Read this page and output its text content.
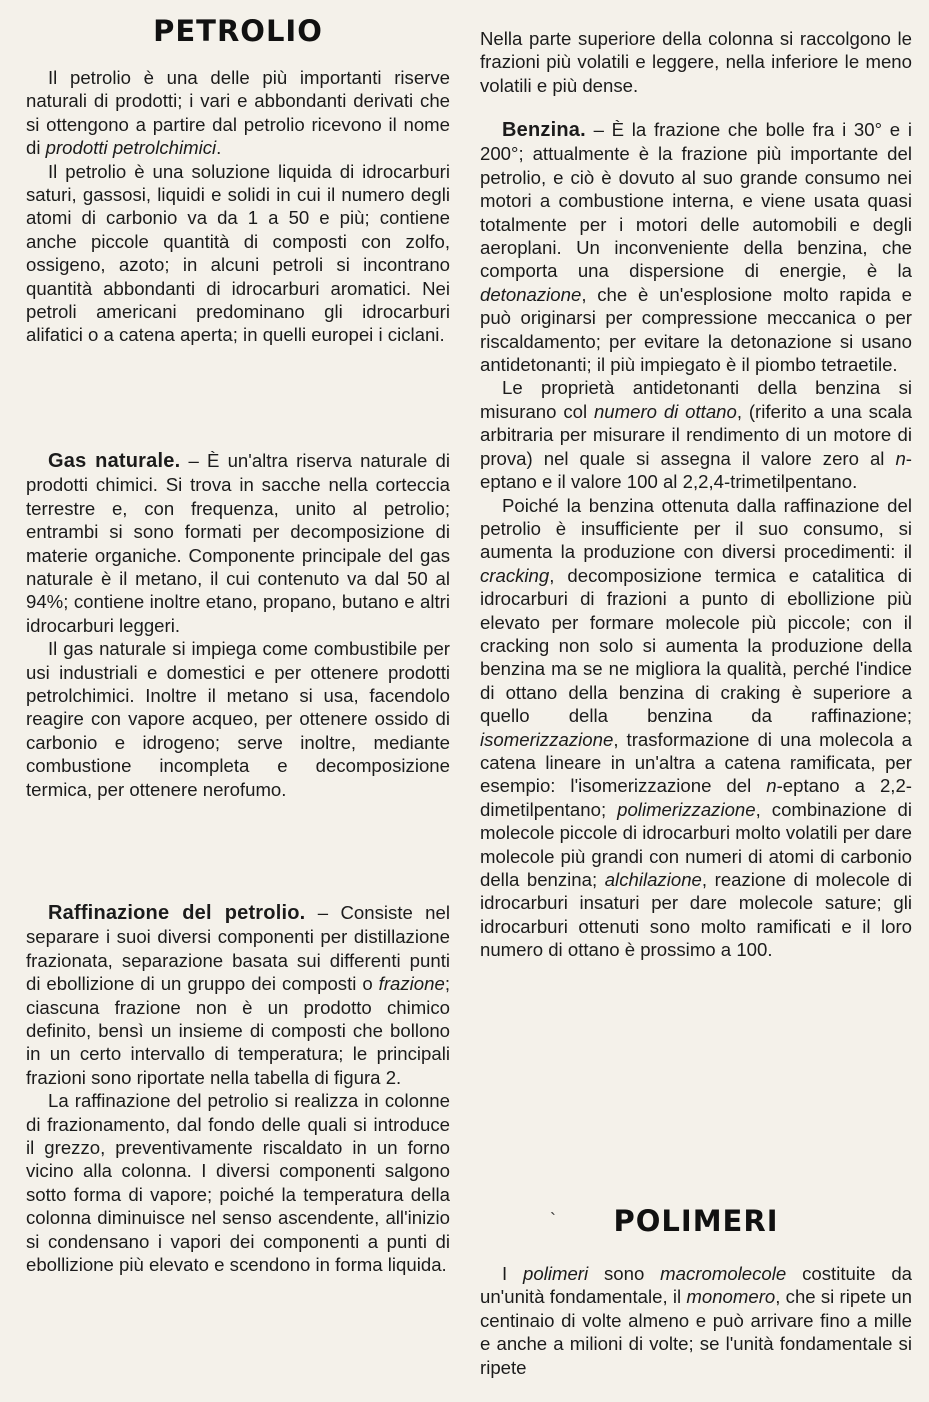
PETROLIO

Il petrolio è una delle più importanti riserve naturali di prodotti; i vari e abbondanti derivati che si ottengono a partire dal petrolio ricevono il nome di prodotti petrolchimici.

Il petrolio è una soluzione liquida di idrocarburi saturi, gassosi, liquidi e solidi in cui il numero degli atomi di carbonio va da 1 a 50 e più; contiene anche piccole quantità di composti con zolfo, ossigeno, azoto; in alcuni petroli si incontrano quantità abbondanti di idrocarburi aromatici. Nei petroli americani predominano gli idrocarburi alifatici o a catena aperta; in quelli europei i ciclani.

Gas naturale. – È un'altra riserva naturale di prodotti chimici. Si trova in sacche nella corteccia terrestre e, con frequenza, unito al petrolio; entrambi si sono formati per decomposizione di materie organiche. Componente principale del gas naturale è il metano, il cui contenuto va dal 50 al 94%; contiene inoltre etano, propano, butano e altri idrocarburi leggeri.

Il gas naturale si impiega come combustibile per usi industriali e domestici e per ottenere prodotti petrolchimici. Inoltre il metano si usa, facendolo reagire con vapore acqueo, per ottenere ossido di carbonio e idrogeno; serve inoltre, mediante combustione incompleta e decomposizione termica, per ottenere nerofumo.

Raffinazione del petrolio. – Consiste nel separare i suoi diversi componenti per distillazione frazionata, separazione basata sui differenti punti di ebollizione di un gruppo dei composti o frazione; ciascuna frazione non è un prodotto chimico definito, bensì un insieme di composti che bollono in un certo intervallo di temperatura; le principali frazioni sono riportate nella tabella di figura 2.

La raffinazione del petrolio si realizza in colonne di frazionamento, dal fondo delle quali si introduce il grezzo, preventivamente riscaldato in un forno vicino alla colonna. I diversi componenti salgono sotto forma di vapore; poiché la temperatura della colonna diminuisce nel senso ascendente, all'inizio si condensano i vapori dei componenti a punti di ebollizione più elevato e scendono in forma liquida.

Nella parte superiore della colonna si raccolgono le frazioni più volatili e leggere, nella inferiore le meno volatili e più dense.

Benzina. – È la frazione che bolle fra i 30° e i 200°; attualmente è la frazione più importante del petrolio, e ciò è dovuto al suo grande consumo nei motori a combustione interna, e viene usata quasi totalmente per i motori delle automobili e degli aeroplani. Un inconveniente della benzina, che comporta una dispersione di energie, è la detonazione, che è un'esplosione molto rapida e può originarsi per compressione meccanica o per riscaldamento; per evitare la detonazione si usano antidetonanti; il più impiegato è il piombo tetraetile.

Le proprietà antidetonanti della benzina si misurano col numero di ottano, (riferito a una scala arbitraria per misurare il rendimento di un motore di prova) nel quale si assegna il valore zero al n-eptano e il valore 100 al 2,2,4-trimetilpentano.

Poiché la benzina ottenuta dalla raffinazione del petrolio è insufficiente per il suo consumo, si aumenta la produzione con diversi procedimenti: il cracking, decomposizione termica e catalitica di idrocarburi di frazioni a punto di ebollizione più elevato per formare molecole più piccole; con il cracking non solo si aumenta la produzione della benzina ma se ne migliora la qualità, perché l'indice di ottano della benzina di craking è superiore a quello della benzina da raffinazione; isomerizzazione, trasformazione di una molecola a catena lineare in un'altra a catena ramificata, per esempio: l'isomerizzazione del n-eptano a 2,2-dimetilpentano; polimerizzazione, combinazione di molecole piccole di idrocarburi molto volatili per dare molecole più grandi con numeri di atomi di carbonio della benzina; alchilazione, reazione di molecole di idrocarburi insaturi per dare molecole sature; gli idrocarburi ottenuti sono molto ramificati e il loro numero di ottano è prossimo a 100.

POLIMERI
`

I polimeri sono macromolecole costituite da un'unità fondamentale, il monomero, che si ripete un centinaio di volte almeno e può arrivare fino a mille e anche a milioni di volte; se l'unità fondamentale si ripete
